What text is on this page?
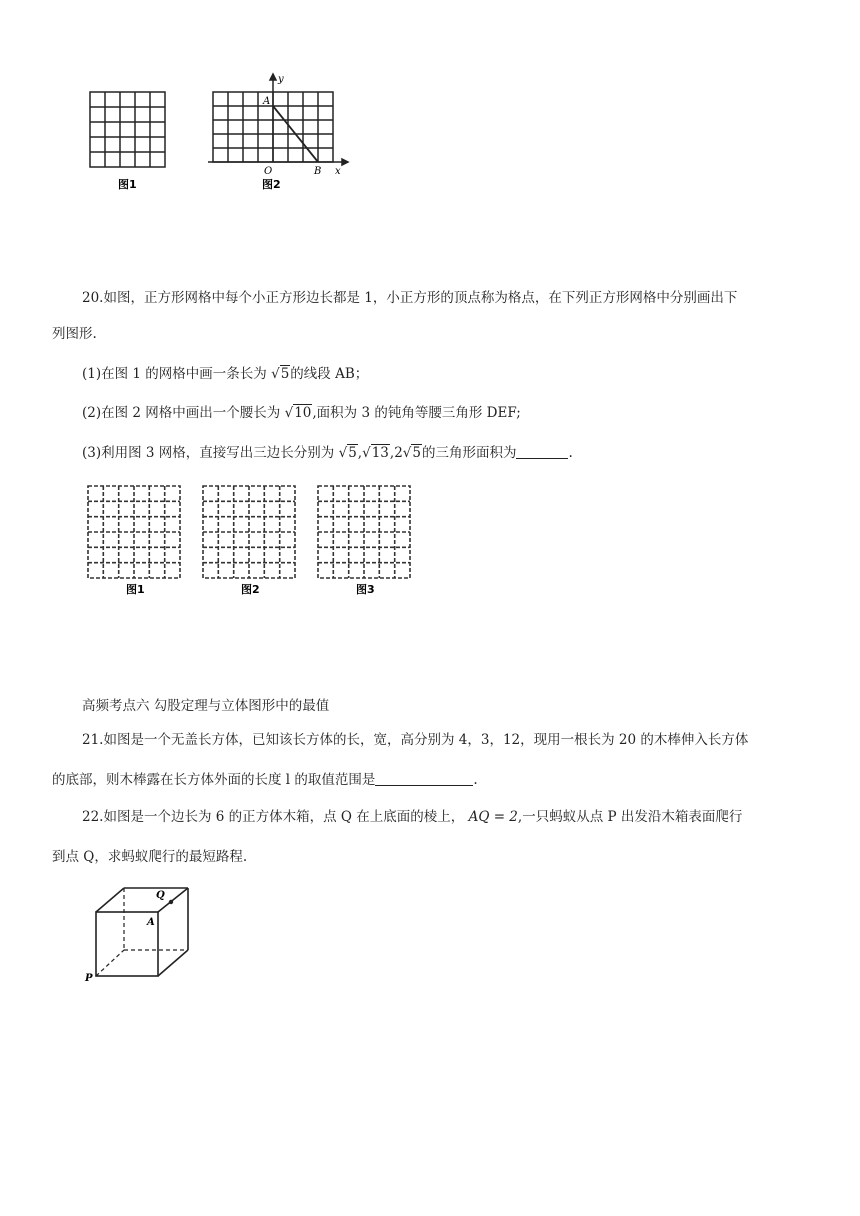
图1
y
A
O	B x
图2
20.如图，正方形网格中每个小正方形边长都是 1，小正方形的顶点称为格点，在下列正方形网格中分别画出下
列图形.
(1)在图 1 的网格中画一条长为 √5的线段 AB；
(2)在图 2 网格中画出一个腰长为 √10,面积为 3 的钝角等腰三角形 DEF;
(3)利用图 3 网格，直接写出三边长分别为 √5,√13,2√5的三角形面积为	.
图1	图2	图3
高频考点六 勾股定理与立体图形中的最值
21.如图是一个无盖长方体，已知该长方体的长，宽，高分别为 4，3，12，现用一根长为 20 的木棒伸入长方体
的底部，则木棒露在长方体外面的长度 l 的取值范围是	.
22.如图是一个边长为 6 的正方体木箱，点 Q 在上底面的棱上， AQ = 2,一只蚂蚁从点 P 出发沿木箱表面爬行
到点 Q，求蚂蚁爬行的最短路程.
Q
A
P
